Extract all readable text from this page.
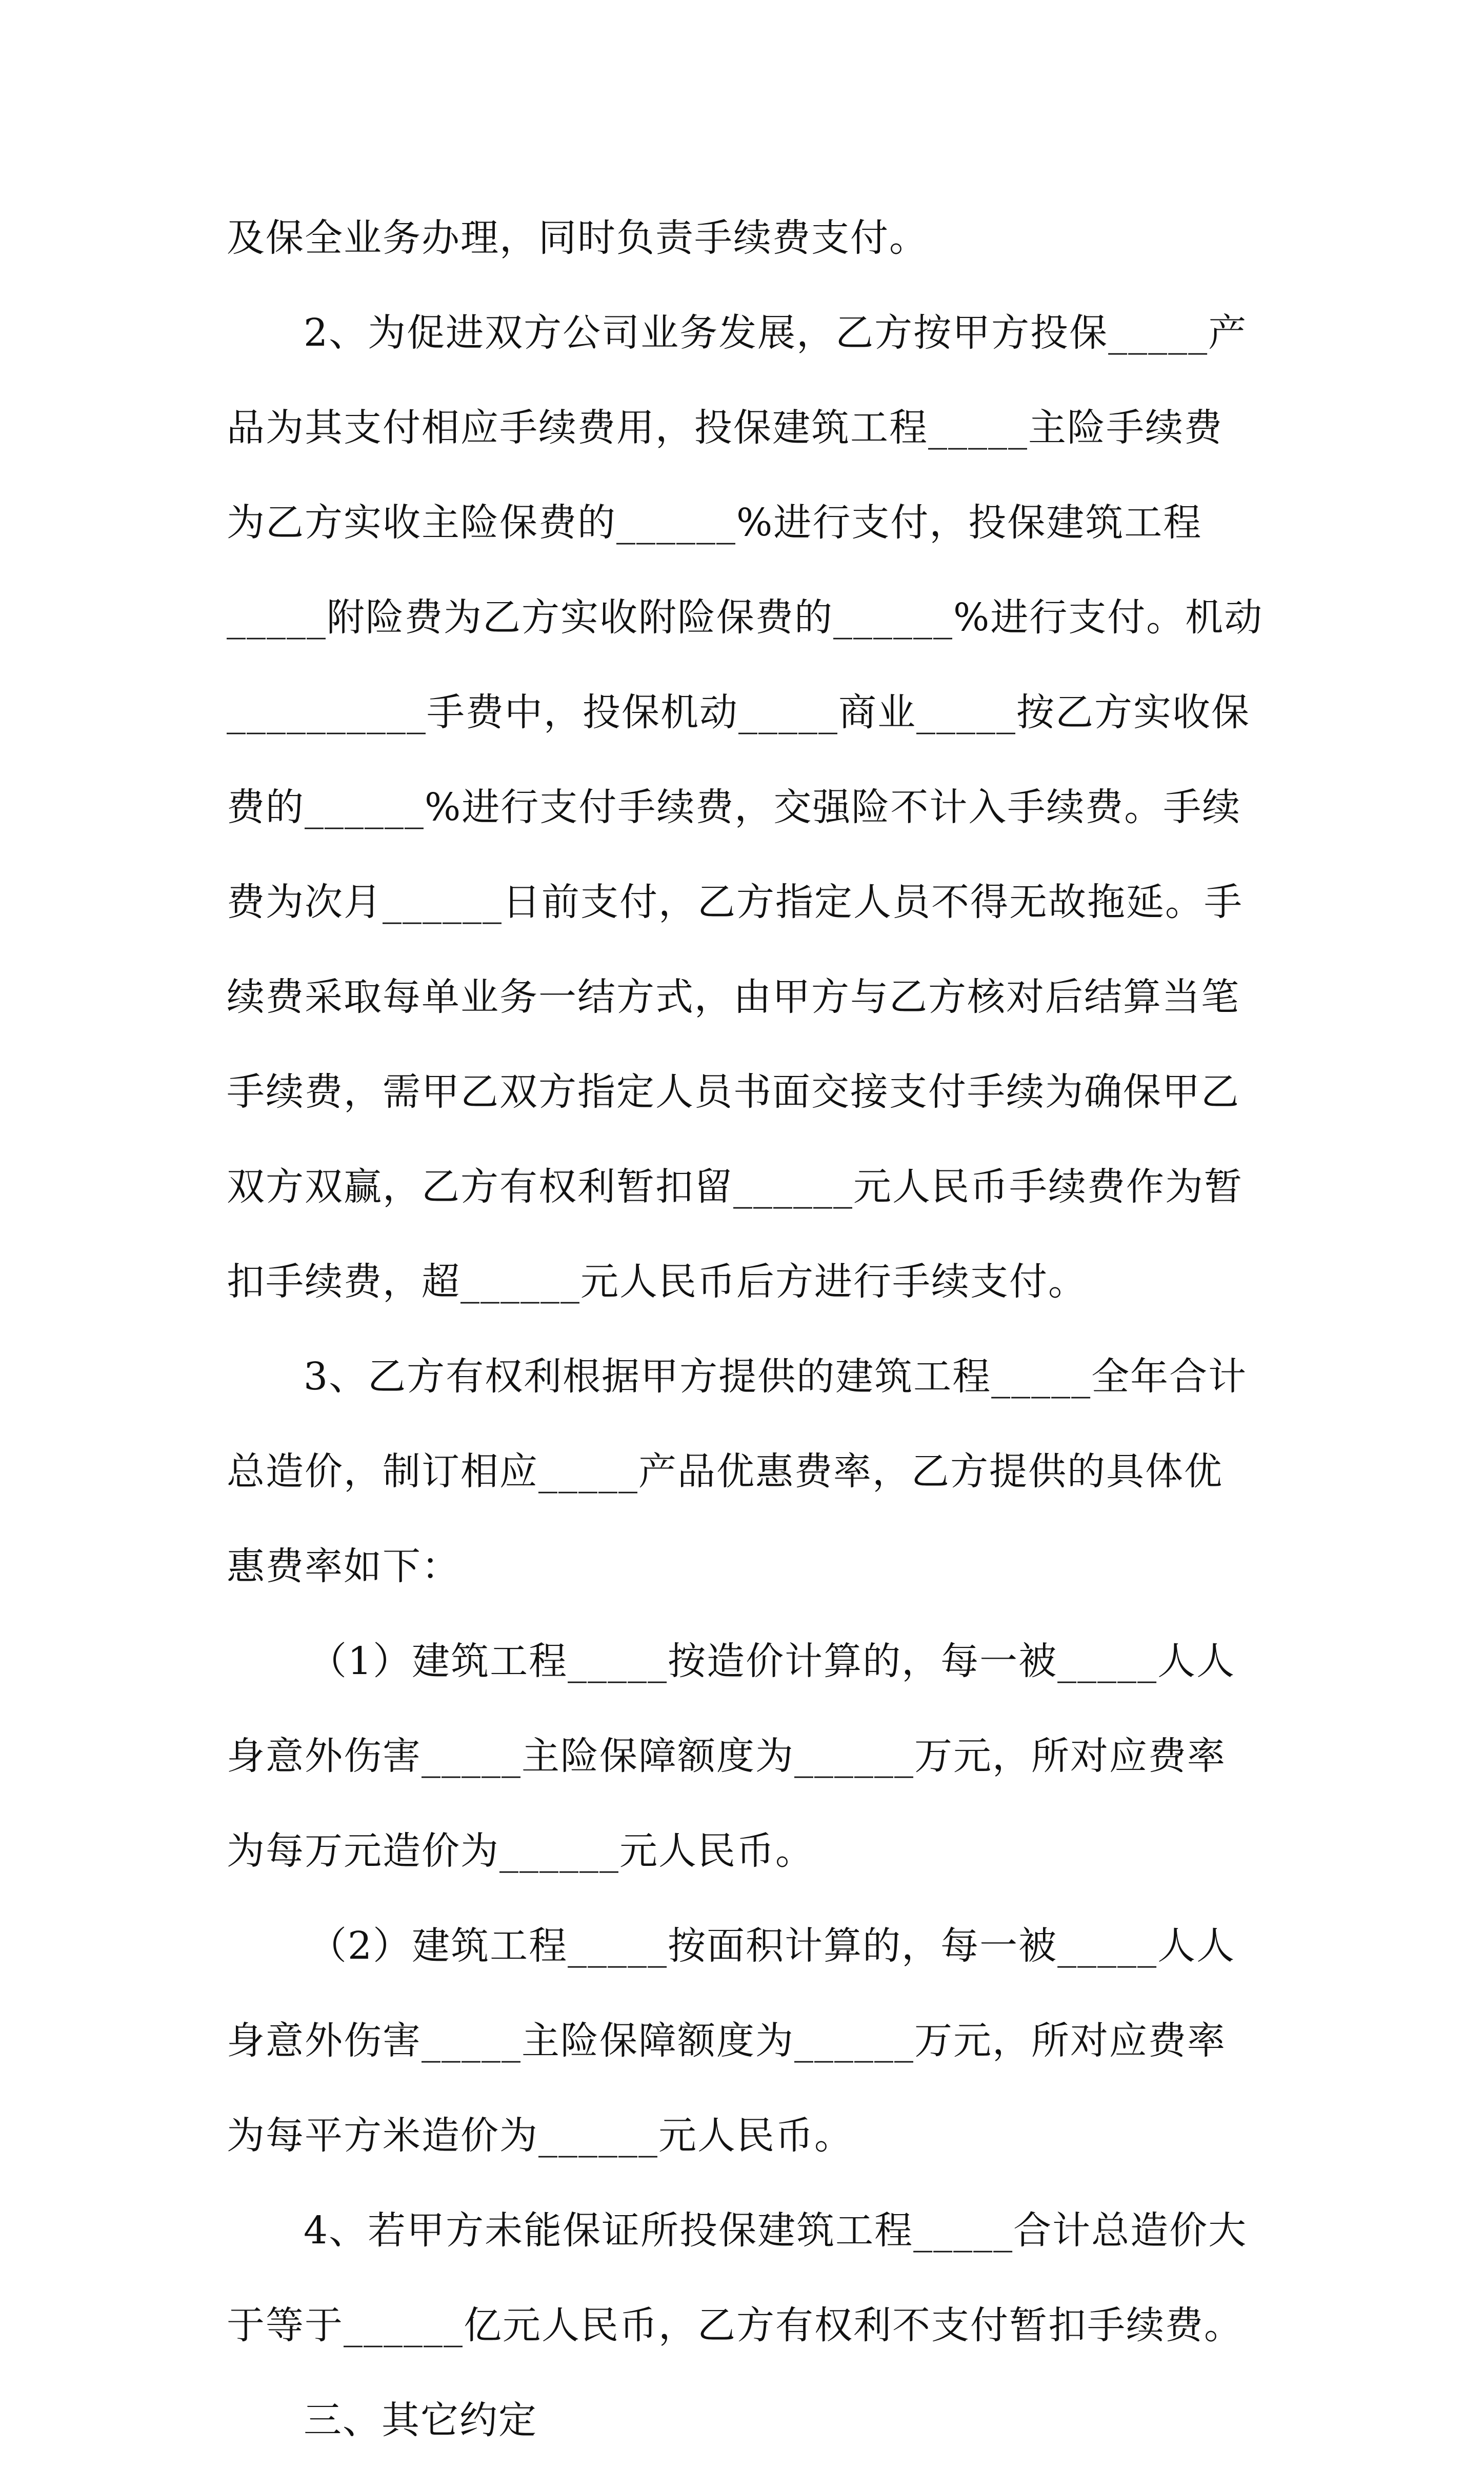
及保全业务办理，同时负责手续费支付。
2、为促进双方公司业务发展，乙方按甲方投保_____产
品为其支付相应手续费用，投保建筑工程_____主险手续费
为乙方实收主险保费的______%进行支付，投保建筑工程
_____附险费为乙方实收附险保费的______%进行支付。机动
__________手费中，投保机动_____商业_____按乙方实收保
费的______%进行支付手续费，交强险不计入手续费。手续
费为次月______日前支付，乙方指定人员不得无故拖延。手
续费采取每单业务一结方式，由甲方与乙方核对后结算当笔
手续费，需甲乙双方指定人员书面交接支付手续为确保甲乙
双方双赢，乙方有权利暂扣留______元人民币手续费作为暂
扣手续费，超______元人民币后方进行手续支付。
3、乙方有权利根据甲方提供的建筑工程_____全年合计
总造价，制订相应_____产品优惠费率，乙方提供的具体优
惠费率如下：
（1）建筑工程_____按造价计算的，每一被_____人人
身意外伤害_____主险保障额度为______万元，所对应费率
为每万元造价为______元人民币。
（2）建筑工程_____按面积计算的，每一被_____人人
身意外伤害_____主险保障额度为______万元，所对应费率
为每平方米造价为______元人民币。
4、若甲方未能保证所投保建筑工程_____合计总造价大
于等于______亿元人民币，乙方有权利不支付暂扣手续费。
三、其它约定
